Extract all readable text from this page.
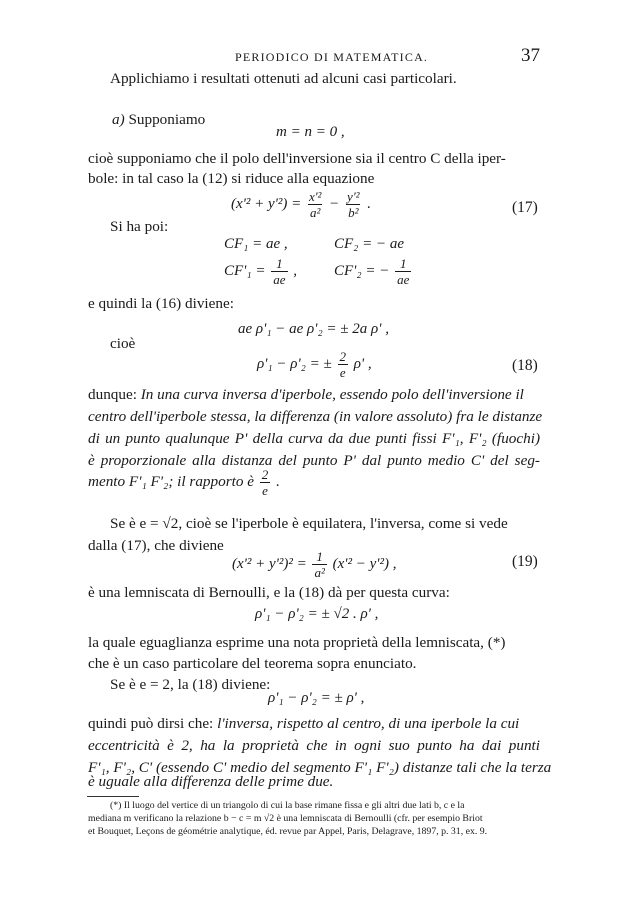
PERIODICO DI MATEMATICA.	37
Applichiamo i resultati ottenuti ad alcuni casi particolari.
a) Supponiamo
m = n = 0 ,
cioè supponiamo che il polo dell'inversione sia il centro C della iper-
bole: in tal caso la (12) si riduce alla equazione
$(x'^2 + y'^2) = \frac{\text{x'²}}{\text{a²}} - \frac{\text{y'²}}{\text{b²}}$ .	(17)
Si ha poi:
CF₁ = ae ,	CF₂ = − ae
$CF'_1 = \frac{1}{ae}$ , CF'₂ = − $\frac{1}{ae}$
e quindi la (16) diviene:
ae ρ'₁ − ae ρ'₂ = ± 2a ρ' ,
cioè
ρ'₁ − ρ'₂ = ± $\frac{2}{e} \rho'$ ,	(18)
dunque: In una curva inversa d'iperbole, essendo polo dell'inversione il
centro dell'iperbole stessa, la differenza (in valore assoluto) fra le distanze
di un punto qualunque P' della curva da due punti fissi F'₁, F'₂ (fuochi)
è proporzionale alla distanza del punto P' dal punto medio C' del seg-
mento F'₁ F'₂; il rapporto è $\frac{2}{e}$ .
Se è e = √2, cioè se l'iperbole è equilatera, l'inversa, come si vede
dalla (17), che diviene
$(x'^2 + y'^2)^2 = \frac{1}{\text{a²}} (x'^2 - y'^2)$ ,	(19)
è una lemniscata di Bernoulli, e la (18) dà per questa curva:
ρ'₁ − ρ'₂ = ± √2 . ρ' ,
la quale eguaglianza esprime una nota proprietà della lemniscata, (*)
che è un caso particolare del teorema sopra enunciato.
Se è e = 2, la (18) diviene:
ρ'₁ − ρ'₂ = ± ρ' ,
quindi può dirsi che: l'inversa, rispetto al centro, di una iperbole la cui
eccentricità è 2, ha la proprietà che in ogni suo punto ha dai punti
F'₁, F'₂, C' (essendo C' medio del segmento F'₁ F'₂) distanze tali che la terza
è uguale alla differenza delle prime due.
(*) Il luogo del vertice di un triangolo di cui la base rimane fissa e gli altri due lati b, c e la
mediana m verificano la relazione b − c = m √2 è una lemniscata di Bernoulli (cfr. per esempio Briot
et Bouquet, Leçons de géométrie analytique, éd. revue par Appel, Paris, Delagrave, 1897, p. 31, ex. 9.
